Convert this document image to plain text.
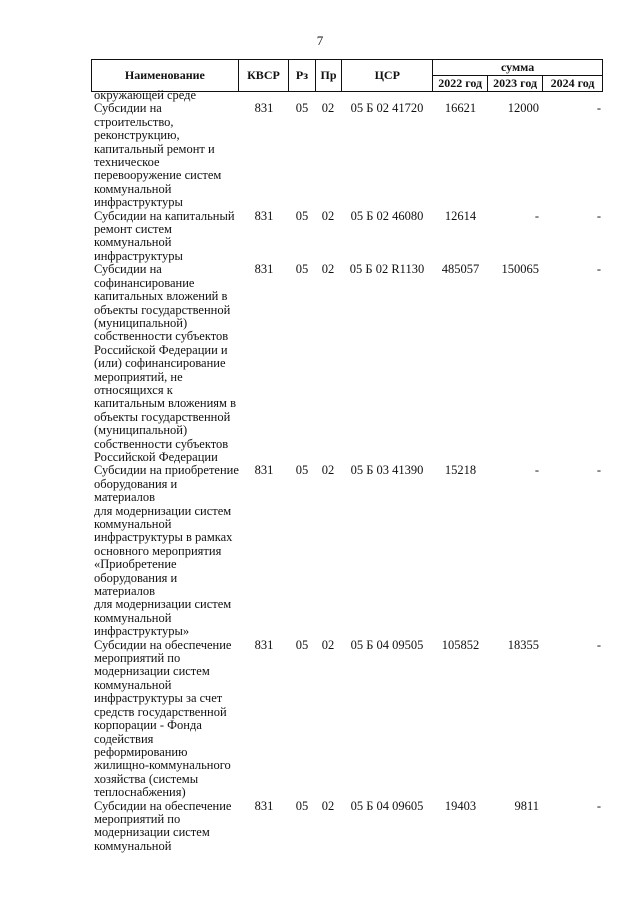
7
Наименование	КВСР	Рз	Пр	ЦСР	сумма		
					2022 год	2023 год	2024 год
окружающей среде
Субсидии на
строительство,
реконструкцию,
капитальный ремонт и
техническое
перевооружение систем
коммунальной
инфраструктуры
831	05	02	05 Б 02 41720	16621	12000	-
Субсидии на капитальный
ремонт систем
коммунальной
инфраструктуры
831	05	02	05 Б 02 46080	12614	-	-
Субсидии на
софинансирование
капитальных вложений в
объекты государственной
(муниципальной)
собственности субъектов
Российской Федерации и
(или) софинансирование
мероприятий, не
относящихся к
капитальным вложениям в
объекты государственной
(муниципальной)
собственности субъектов
Российской Федерации
831	05	02	05 Б 02 R1130	485057	150065	-
Субсидии на приобретение
оборудования и материалов
для модернизации систем
коммунальной
инфраструктуры в рамках
основного мероприятия
«Приобретение
оборудования и материалов
для модернизации систем
коммунальной
инфраструктуры»
831	05	02	05 Б 03 41390	15218	-	-
Субсидии на обеспечение
мероприятий по
модернизации систем
коммунальной
инфраструктуры за счет
средств государственной
корпорации - Фонда
содействия
реформированию
жилищно-коммунального
хозяйства (системы
теплоснабжения)
831	05	02	05 Б 04 09505	105852	18355	-
Субсидии на обеспечение
мероприятий по
модернизации систем
коммунальной
831	05	02	05 Б 04 09605	19403	9811	-
